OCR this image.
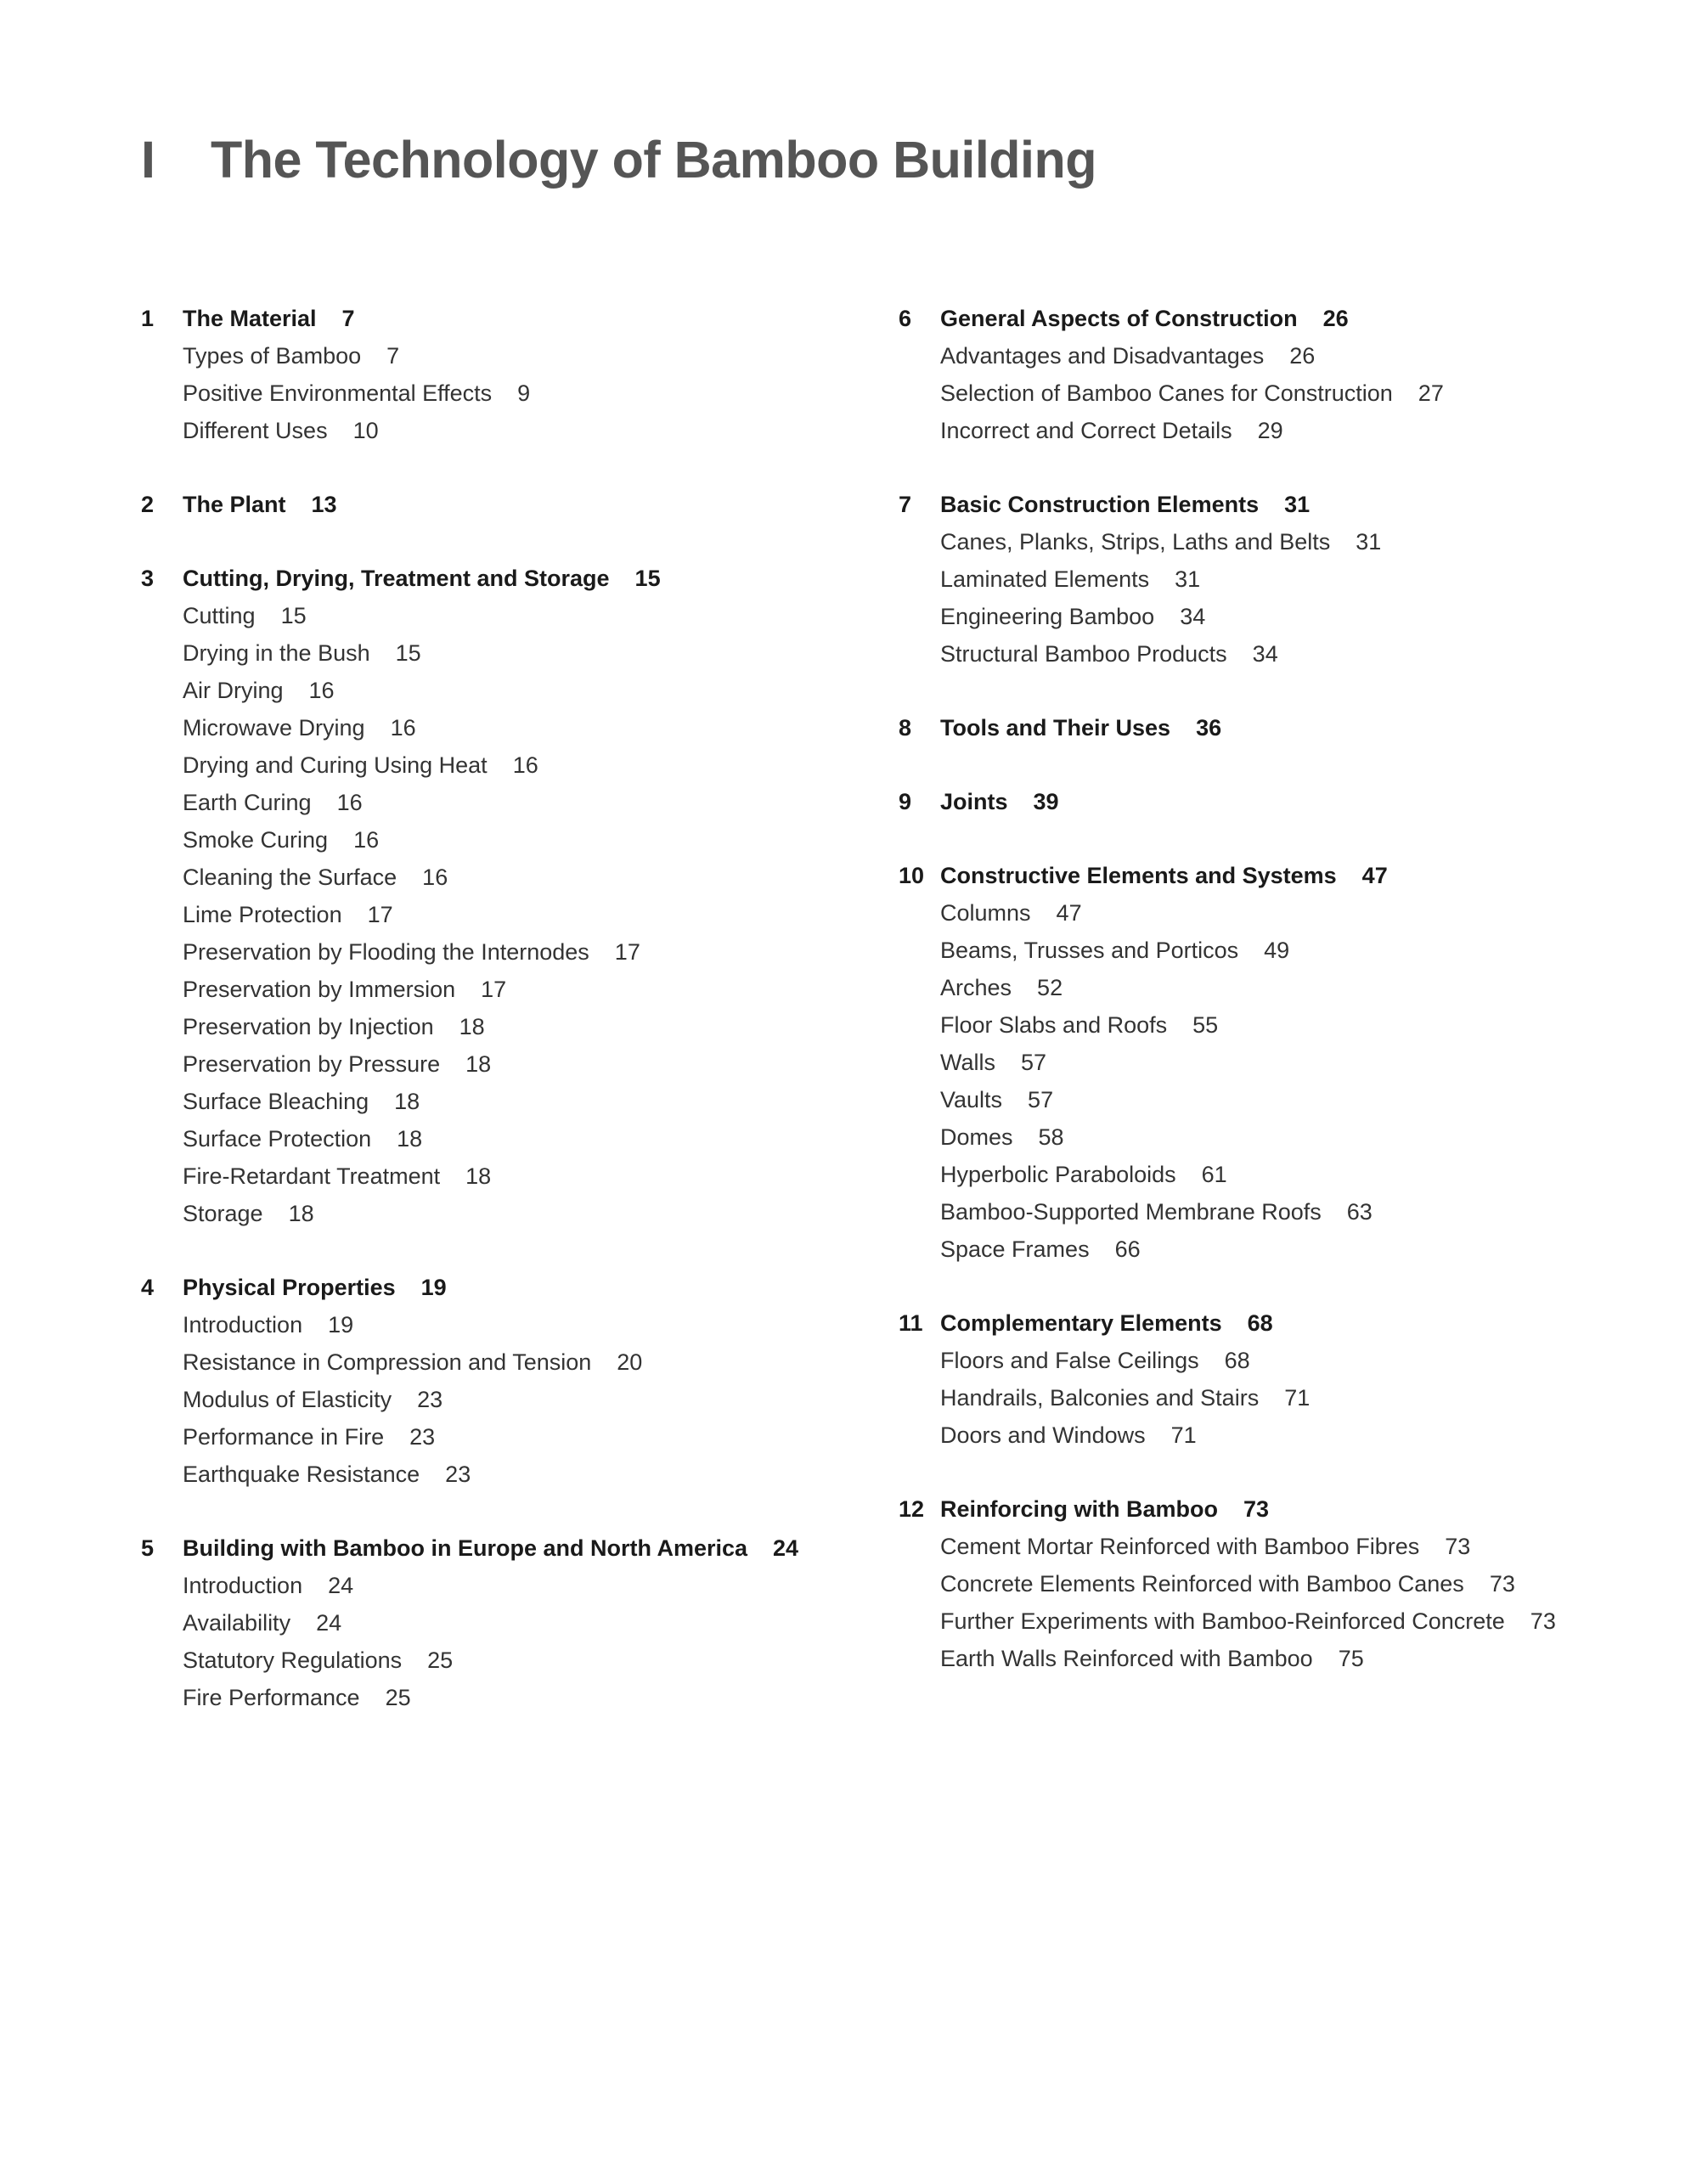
I	The Technology of Bamboo Building
1	The Material 7
Types of Bamboo 7
Positive Environmental Effects 9
Different Uses 10
2	The Plant 13
3	Cutting, Drying, Treatment and Storage 15
Cutting 15
Drying in the Bush 15
Air Drying 16
Microwave Drying 16
Drying and Curing Using Heat 16
Earth Curing 16
Smoke Curing 16
Cleaning the Surface 16
Lime Protection 17
Preservation by Flooding the Internodes 17
Preservation by Immersion 17
Preservation by Injection 18
Preservation by Pressure 18
Surface Bleaching 18
Surface Protection 18
Fire-Retardant Treatment 18
Storage 18
4	Physical Properties 19
Introduction 19
Resistance in Compression and Tension 20
Modulus of Elasticity 23
Performance in Fire 23
Earthquake Resistance 23
5	Building with Bamboo in Europe and North America 24
Introduction 24
Availability 24
Statutory Regulations 25
Fire Performance 25
6	General Aspects of Construction 26
Advantages and Disadvantages 26
Selection of Bamboo Canes for Construction 27
Incorrect and Correct Details 29
7	Basic Construction Elements 31
Canes, Planks, Strips, Laths and Belts 31
Laminated Elements 31
Engineering Bamboo 34
Structural Bamboo Products 34
8	Tools and Their Uses 36
9	Joints 39
10 Constructive Elements and Systems 47
Columns 47
Beams, Trusses and Porticos 49
Arches 52
Floor Slabs and Roofs 55
Walls 57
Vaults 57
Domes 58
Hyperbolic Paraboloids 61
Bamboo-Supported Membrane Roofs 63
Space Frames 66
11 Complementary Elements 68
Floors and False Ceilings 68
Handrails, Balconies and Stairs 71
Doors and Windows 71
12 Reinforcing with Bamboo 73
Cement Mortar Reinforced with Bamboo Fibres 73
Concrete Elements Reinforced with Bamboo Canes 73
Further Experiments with Bamboo-Reinforced Concrete 73
Earth Walls Reinforced with Bamboo 75
